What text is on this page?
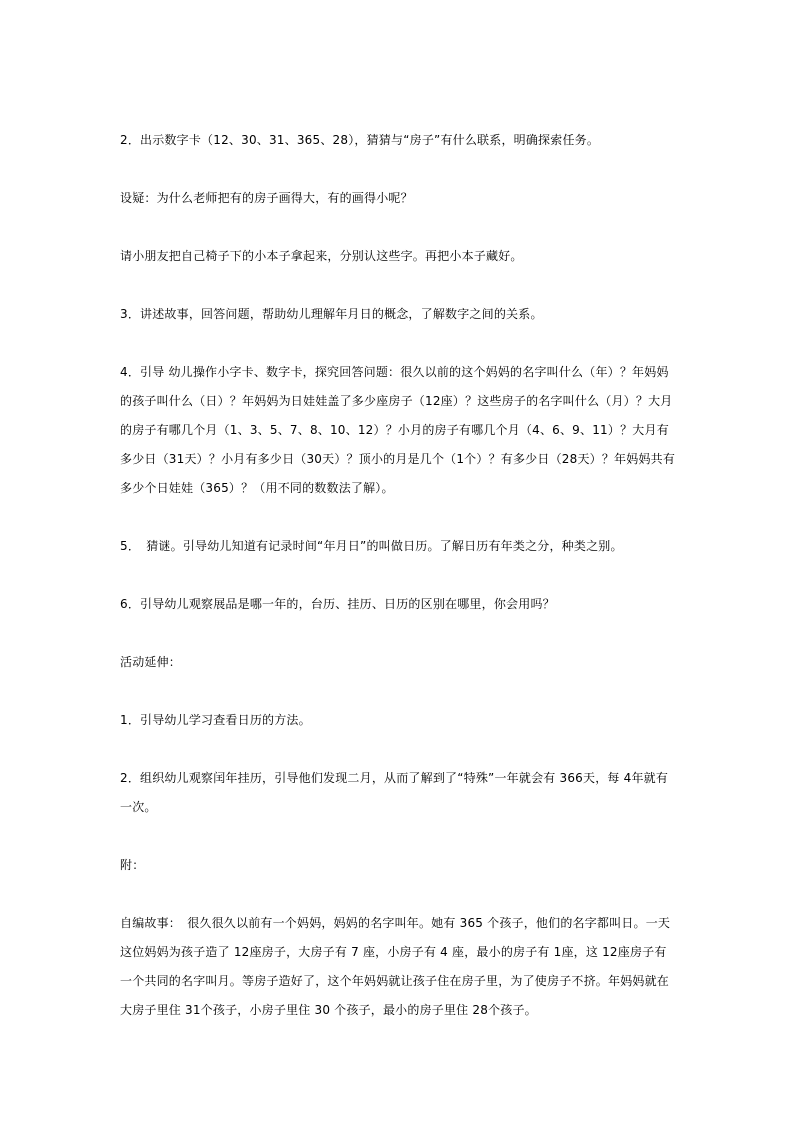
2．出示数字卡（12、30、31、365、28），猜猜与“房子”有什么联系，明确探索任务。

设疑：为什么老师把有的房子画得大，有的画得小呢？

请小朋友把自己椅子下的小本子拿起来，分别认这些字。再把小本子藏好。

3．讲述故事，回答问题，帮助幼儿理解年月日的概念，了解数字之间的关系。

4．引导 幼儿操作小字卡、数字卡，探究回答问题：很久以前的这个妈妈的名字叫什么（年）？年妈妈的孩子叫什么（日）？年妈妈为日娃娃盖了多少座房子（12座）？这些房子的名字叫什么（月）？大月的房子有哪几个月（1、3、5、7、8、10、12）？小月的房子有哪几个月（4、6、9、11）？大月有多少日（31天）？小月有多少日（30天）？顶小的月是几个（1个）？有多少日（28天）？年妈妈共有多少个日娃娃（365）？（用不同的数数法了解）。

5．　猜谜。引导幼儿知道有记录时间“年月日”的叫做日历。了解日历有年类之分，种类之别。

6．引导幼儿观察展品是哪一年的，台历、挂历、日历的区别在哪里，你会用吗？

活动延伸：

1．引导幼儿学习查看日历的方法。

2．组织幼儿观察闰年挂历，引导他们发现二月，从而了解到了“特殊”一年就会有 366天，每 4年就有一次。

附：

自编故事：　很久很久以前有一个妈妈，妈妈的名字叫年。她有 365 个孩子，他们的名字都叫日。一天这位妈妈为孩子造了 12座房子，大房子有 7 座，小房子有 4 座，最小的房子有 1座，这 12座房子有一个共同的名字叫月。等房子造好了，这个年妈妈就让孩子住在房子里，为了使房子不挤。年妈妈就在大房子里住 31个孩子，小房子里住 30 个孩子，最小的房子里住 28个孩子。
